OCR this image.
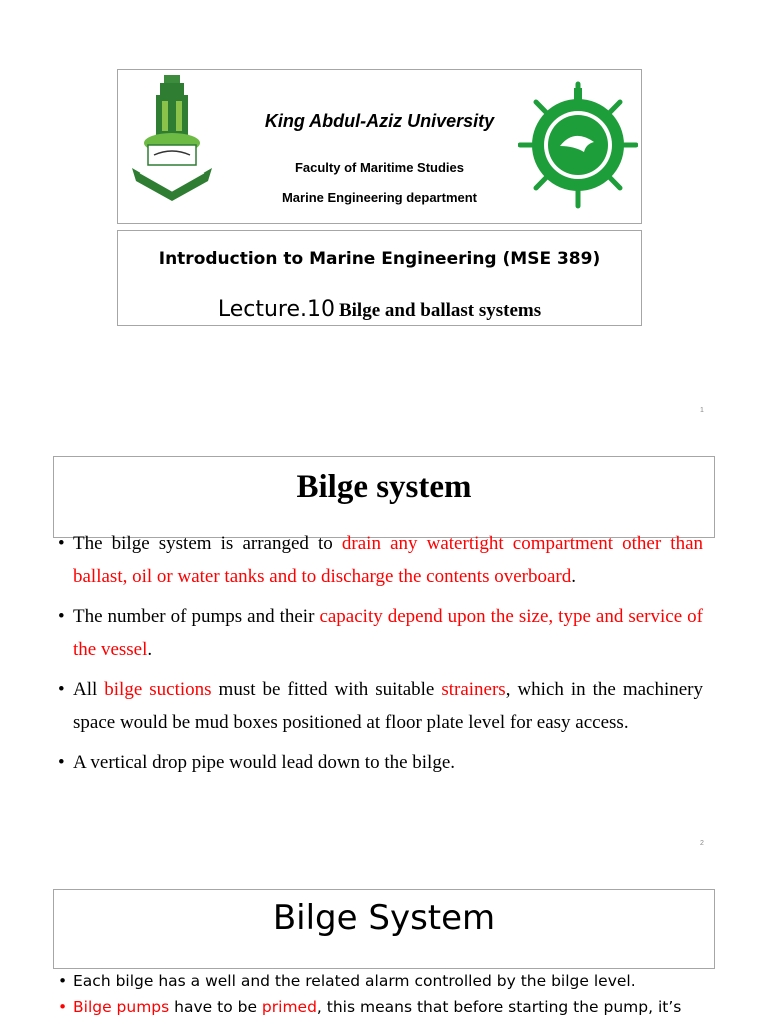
King Abdul-Aziz University
Faculty of Maritime Studies
Marine Engineering department
Introduction to Marine Engineering (MSE 389)
Lecture.10 Bilge and ballast systems
1
Bilge system
• The bilge system is arranged to drain any watertight compartment other than ballast, oil or water tanks and to discharge the contents overboard.
• The number of pumps and their capacity depend upon the size, type and service of the vessel.
• All bilge suctions must be fitted with suitable strainers, which in the machinery space would be mud boxes positioned at floor plate level for easy access.
• A vertical drop pipe would lead down to the bilge.
2
Bilge System
• Each bilge has a well and the related alarm controlled by the bilge level.
• Bilge pumps have to be primed, this means that before starting the pump, it’s
